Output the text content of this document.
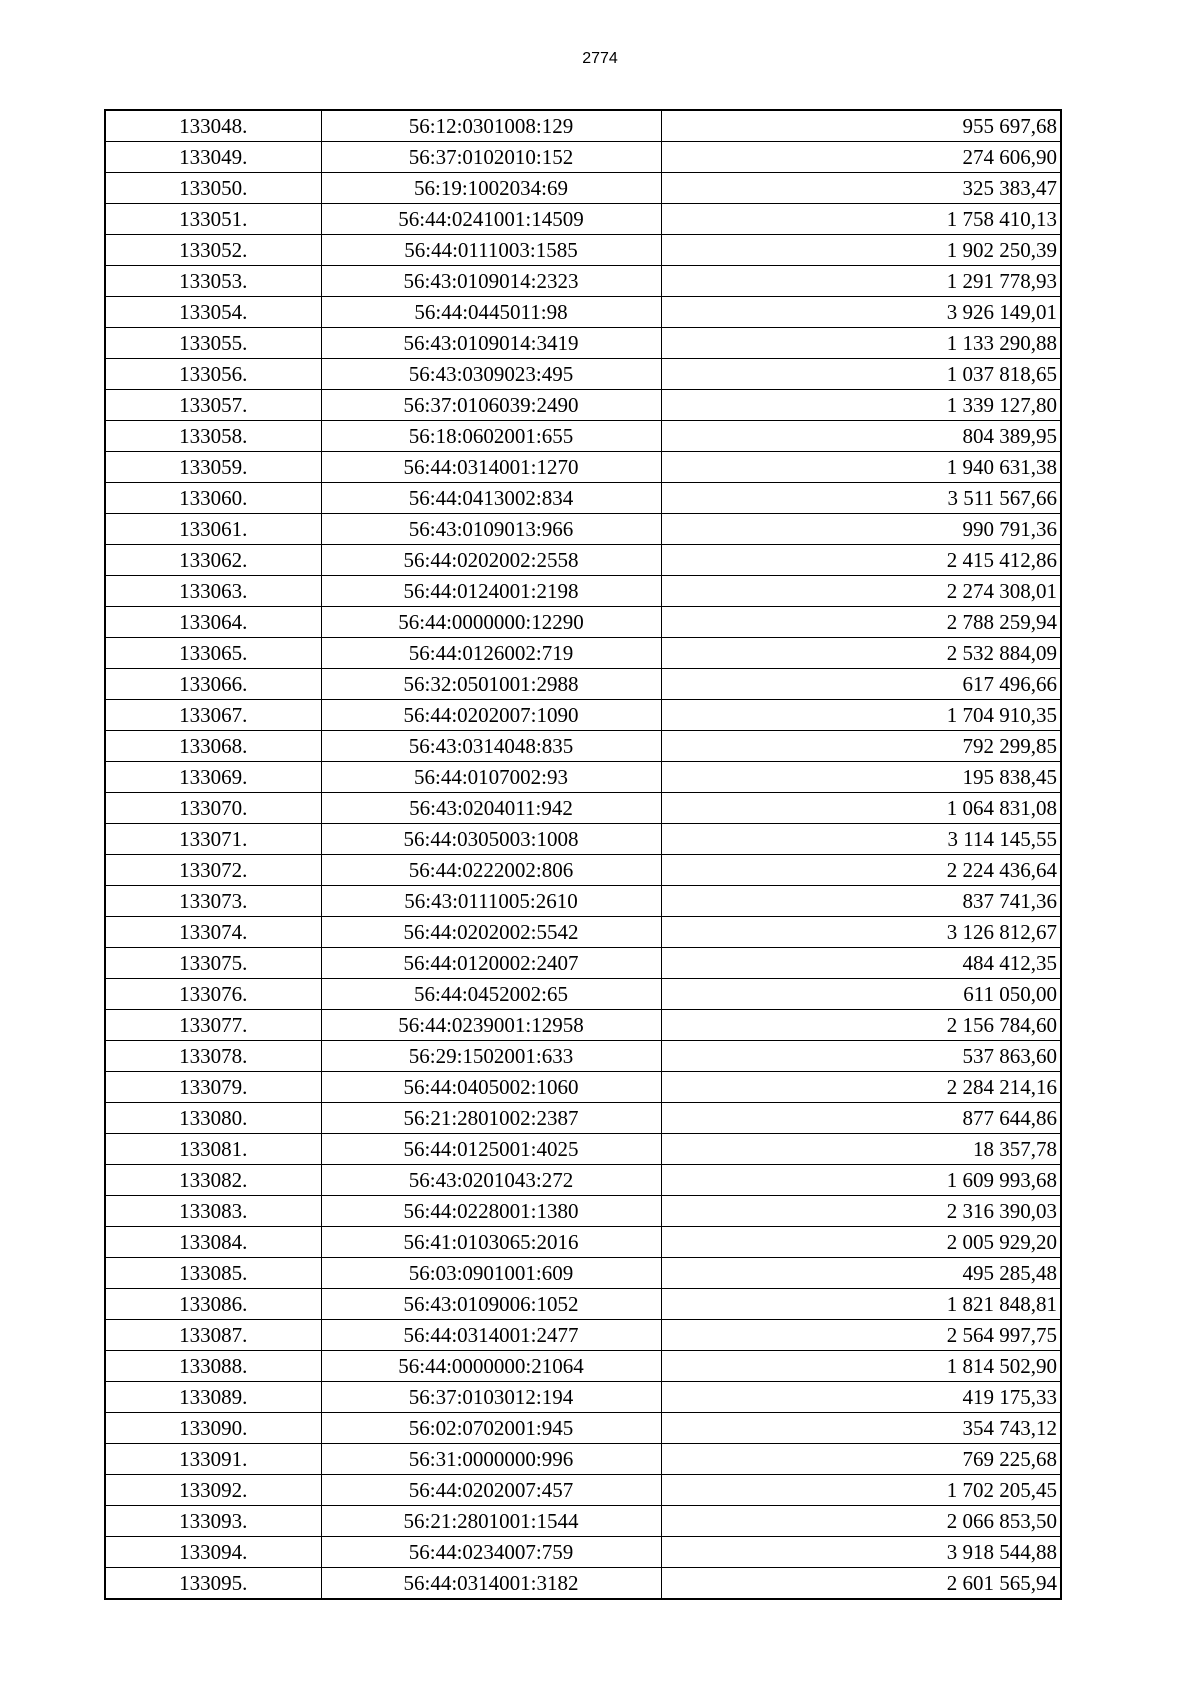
2774
133048.	56:12:0301008:129	955 697,68
133049.	56:37:0102010:152	274 606,90
133050.	56:19:1002034:69	325 383,47
133051.	56:44:0241001:14509	1 758 410,13
133052.	56:44:0111003:1585	1 902 250,39
133053.	56:43:0109014:2323	1 291 778,93
133054.	56:44:0445011:98	3 926 149,01
133055.	56:43:0109014:3419	1 133 290,88
133056.	56:43:0309023:495	1 037 818,65
133057.	56:37:0106039:2490	1 339 127,80
133058.	56:18:0602001:655	804 389,95
133059.	56:44:0314001:1270	1 940 631,38
133060.	56:44:0413002:834	3 511 567,66
133061.	56:43:0109013:966	990 791,36
133062.	56:44:0202002:2558	2 415 412,86
133063.	56:44:0124001:2198	2 274 308,01
133064.	56:44:0000000:12290	2 788 259,94
133065.	56:44:0126002:719	2 532 884,09
133066.	56:32:0501001:2988	617 496,66
133067.	56:44:0202007:1090	1 704 910,35
133068.	56:43:0314048:835	792 299,85
133069.	56:44:0107002:93	195 838,45
133070.	56:43:0204011:942	1 064 831,08
133071.	56:44:0305003:1008	3 114 145,55
133072.	56:44:0222002:806	2 224 436,64
133073.	56:43:0111005:2610	837 741,36
133074.	56:44:0202002:5542	3 126 812,67
133075.	56:44:0120002:2407	484 412,35
133076.	56:44:0452002:65	611 050,00
133077.	56:44:0239001:12958	2 156 784,60
133078.	56:29:1502001:633	537 863,60
133079.	56:44:0405002:1060	2 284 214,16
133080.	56:21:2801002:2387	877 644,86
133081.	56:44:0125001:4025	18 357,78
133082.	56:43:0201043:272	1 609 993,68
133083.	56:44:0228001:1380	2 316 390,03
133084.	56:41:0103065:2016	2 005 929,20
133085.	56:03:0901001:609	495 285,48
133086.	56:43:0109006:1052	1 821 848,81
133087.	56:44:0314001:2477	2 564 997,75
133088.	56:44:0000000:21064	1 814 502,90
133089.	56:37:0103012:194	419 175,33
133090.	56:02:0702001:945	354 743,12
133091.	56:31:0000000:996	769 225,68
133092.	56:44:0202007:457	1 702 205,45
133093.	56:21:2801001:1544	2 066 853,50
133094.	56:44:0234007:759	3 918 544,88
133095.	56:44:0314001:3182	2 601 565,94
